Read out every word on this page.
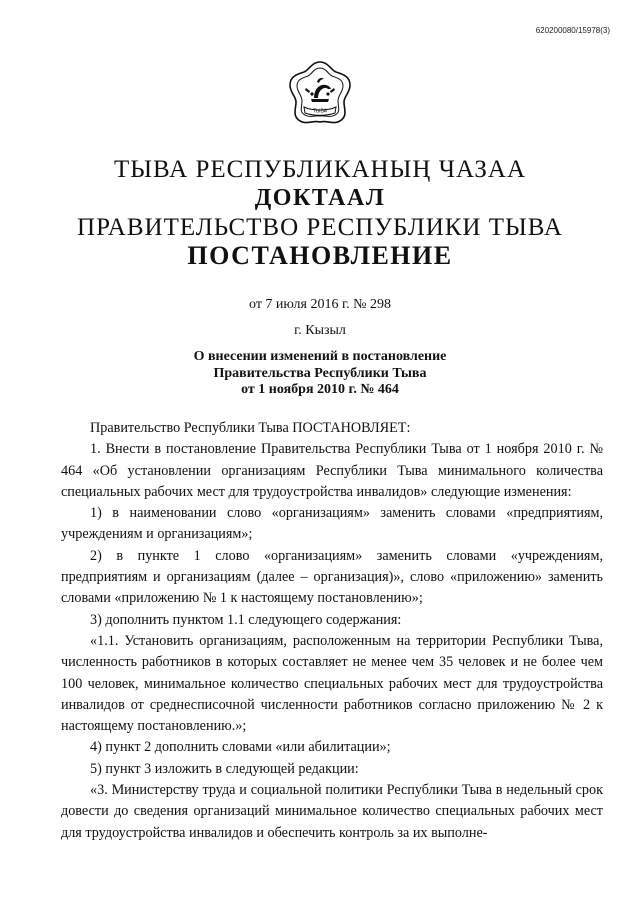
620200080/15978(3)
ТЫВА
ТЫВА РЕСПУБЛИКАНЫҢ ЧАЗАА
ДОКТААЛ
ПРАВИТЕЛЬСТВО РЕСПУБЛИКИ ТЫВА
ПОСТАНОВЛЕНИЕ
от 7 июля 2016 г. № 298
г. Кызыл
О внесении изменений в постановление
Правительства Республики Тыва
от 1 ноября 2010 г. № 464

Правительство Республики Тыва ПОСТАНОВЛЯЕТ:

1. Внести в постановление Правительства Республики Тыва от 1 ноября 2010 г. № 464 «Об установлении организациям Республики Тыва минимального количества специальных рабочих мест для трудоустройства инвалидов» следующие изменения:

1) в наименовании слово «организациям» заменить словами «предприятиям, учреждениям и организациям»;

2) в пункте 1 слово «организациям» заменить словами «учреждениям, предприятиям и организациям (далее – организация)», слово «приложению» заменить словами «приложению № 1 к настоящему постановлению»;

3) дополнить пунктом 1.1 следующего содержания:

«1.1. Установить организациям, расположенным на территории Республики Тыва, численность работников в которых составляет не менее чем 35 человек и не более чем 100 человек, минимальное количество специальных рабочих мест для трудоустройства инвалидов от среднесписочной численности работников согласно приложению № 2 к настоящему постановлению.»;

4) пункт 2 дополнить словами «или абилитации»;

5) пункт 3 изложить в следующей редакции:

«3. Министерству труда и социальной политики Республики Тыва в недельный срок довести до сведения организаций минимальное количество специальных рабочих мест для трудоустройства инвалидов и обеспечить контроль за их выполне-
